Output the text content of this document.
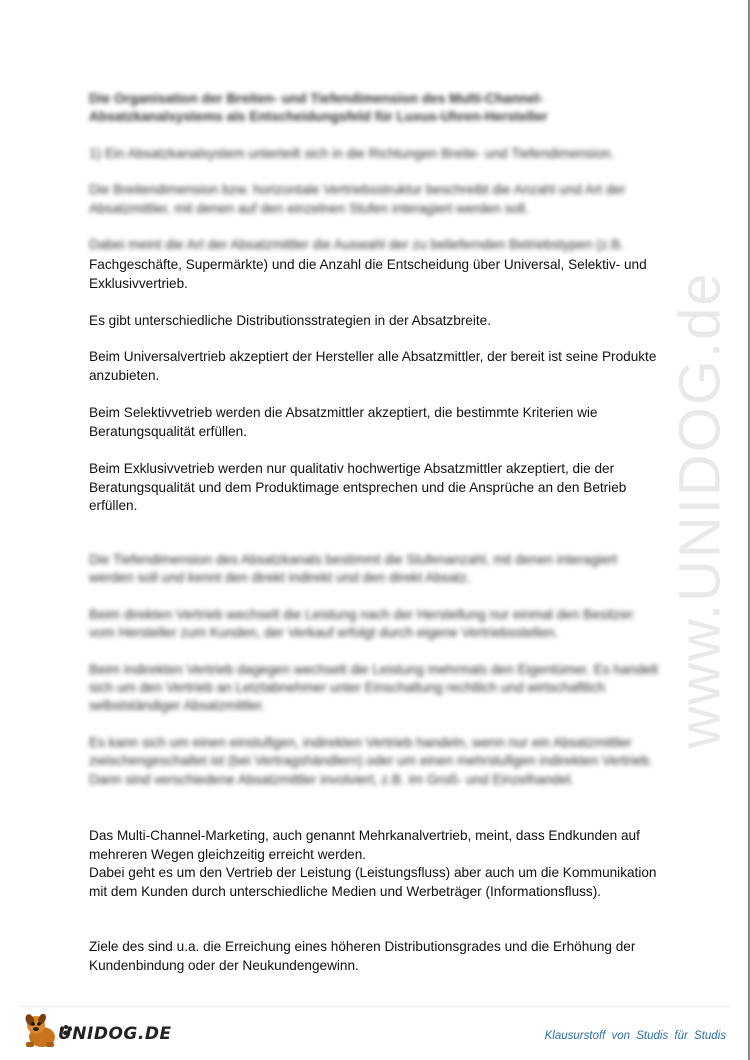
www.UNIDOG.de

Die Organisation der Breiten- und Tiefendimension des Multi-Channel-Absatzkanalsystems als Entscheidungsfeld für Luxus-Uhren-Hersteller

1) Ein Absatzkanalsystem unterteilt sich in die Richtungen Breite- und Tiefendimension.

Die Breitendimension bzw. horizontale Vertriebsstruktur beschreibt die Anzahl und Art der Absatzmittler, mit denen auf den einzelnen Stufen interagiert werden soll.

Dabei meint die Art der Absatzmittler die Auswahl der zu beliefernden Betriebstypen (z.B.

Fachgeschäfte, Supermärkte) und die Anzahl die Entscheidung über Universal, Selektiv- und Exklusivvertrieb.

Es gibt unterschiedliche Distributionsstrategien in der Absatzbreite.

Beim Universalvertrieb akzeptiert der Hersteller alle Absatzmittler, der bereit ist seine Produkte anzubieten.

Beim Selektivvetrieb werden die Absatzmittler akzeptiert, die bestimmte Kriterien wie Beratungsqualität erfüllen.

Beim Exklusivvetrieb werden nur qualitativ hochwertige Absatzmittler akzeptiert, die der Beratungsqualität und dem Produktimage entsprechen und die Ansprüche an den Betrieb erfüllen.

Die Tiefendimension des Absatzkanals bestimmt die Stufenanzahl, mit denen interagiert werden soll und kennt den direkt indirekt und den direkt Absatz.

Beim direkten Vertrieb wechselt die Leistung nach der Herstellung nur einmal den Besitzer: vom Hersteller zum Kunden, der Verkauf erfolgt durch eigene Vertriebsstellen.

Beim indirekten Vertrieb dagegen wechselt die Leistung mehrmals den Eigentümer. Es handelt sich um den Vertrieb an Letztabnehmer unter Einschaltung rechtlich und wirtschaftlich selbstständiger Absatzmittler.

Es kann sich um einen einstufigen, indirekten Vertrieb handeln, wenn nur ein Absatzmittler zwischengeschaltet ist (bei Vertragshändlern) oder um einen mehrstufigen indirekten Vertrieb. Dann sind verschiedene Absatzmittler involviert, z.B. im Groß- und Einzelhandel.

Das Multi-Channel-Marketing, auch genannt Mehrkanalvertrieb, meint, dass Endkunden auf mehreren Wegen gleichzeitig erreicht werden.
Dabei geht es um den Vertrieb der Leistung (Leistungsfluss) aber auch um die Kommunikation mit dem Kunden durch unterschiedliche Medien und Werbeträger (Informationsfluss).

Ziele des sind u.a. die Erreichung eines höheren Distributionsgrades und die Erhöhung der Kundenbindung oder der Neukundengewinn.

UNIDOG.DE	Klausurstoff von Studis für Studis
